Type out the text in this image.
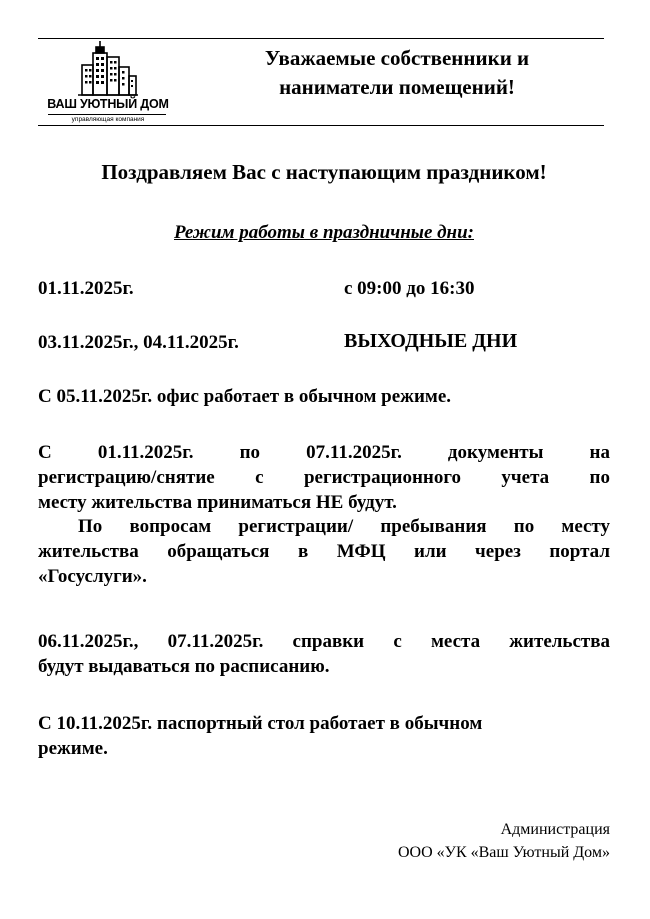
ВАШ УЮТНЫЙ ДОМ
управляющая компания
Уважаемые собственники и
наниматели помещений!
Поздравляем Вас с наступающим праздником!
Режим работы в праздничные дни:
01.11.2025г.	с 09:00 до 16:30
03.11.2025г., 04.11.2025г.	ВЫХОДНЫЕ ДНИ
С 05.11.2025г. офис работает в обычном режиме.
С 01.11.2025г. по 07.11.2025г. документы на
регистрацию/снятие с регистрационного учета по
месту жительства приниматься НЕ будут.
По вопросам регистрации/ пребывания по месту
жительства обращаться в МФЦ или через портал
«Госуслуги».
06.11.2025г., 07.11.2025г. справки с места жительства
будут выдаваться по расписанию.
С 10.11.2025г. паспортный стол работает в обычном
режиме.
Администрация
ООО «УК «Ваш Уютный Дом»
